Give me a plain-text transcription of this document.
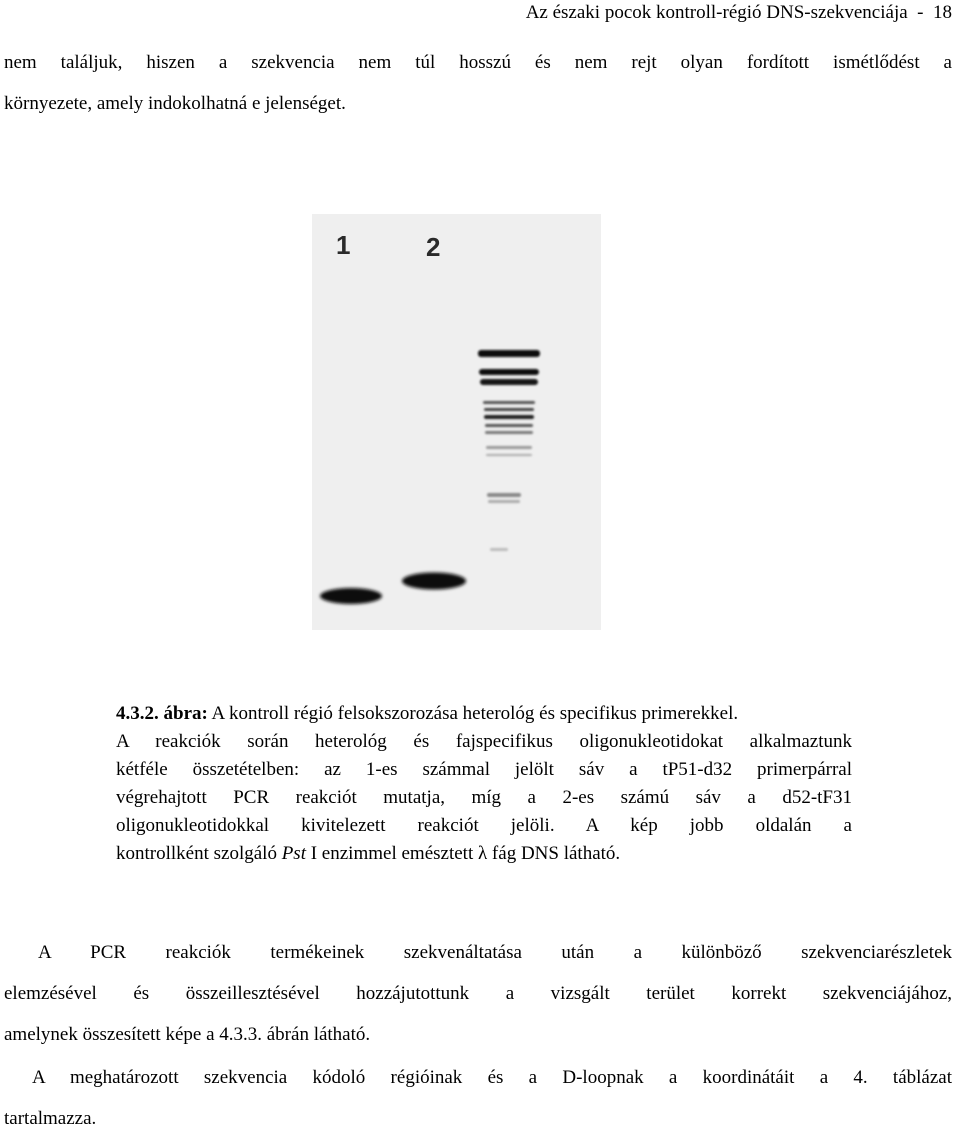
Az északi pocok kontroll-régió DNS-szekvenciája - 18
nem találjuk, hiszen a szekvencia nem túl hosszú és nem rejt olyan fordított ismétlődést a
környezete, amely indokolhatná e jelenséget.
1	2
4.3.2. ábra: A kontroll régió felsokszorozása heterológ és specifikus primerekkel.
A reakciók során heterológ és fajspecifikus oligonukleotidokat alkalmaztunk
kétféle összetételben: az 1-es számmal jelölt sáv a tP51-d32 primerpárral
végrehajtott PCR reakciót mutatja, míg a 2-es számú sáv a d52-tF31
oligonukleotidokkal kivitelezett reakciót jelöli. A kép jobb oldalán a
kontrollként szolgáló Pst I enzimmel emésztett λ fág DNS látható.
A PCR reakciók termékeinek szekvenáltatása után a különböző szekvenciarészletek
elemzésével és összeillesztésével hozzájutottunk a vizsgált terület korrekt szekvenciájához,
amelynek összesített képe a 4.3.3. ábrán látható.
A meghatározott szekvencia kódoló régióinak és a D-loopnak a koordinátáit a 4. táblázat
tartalmazza.
